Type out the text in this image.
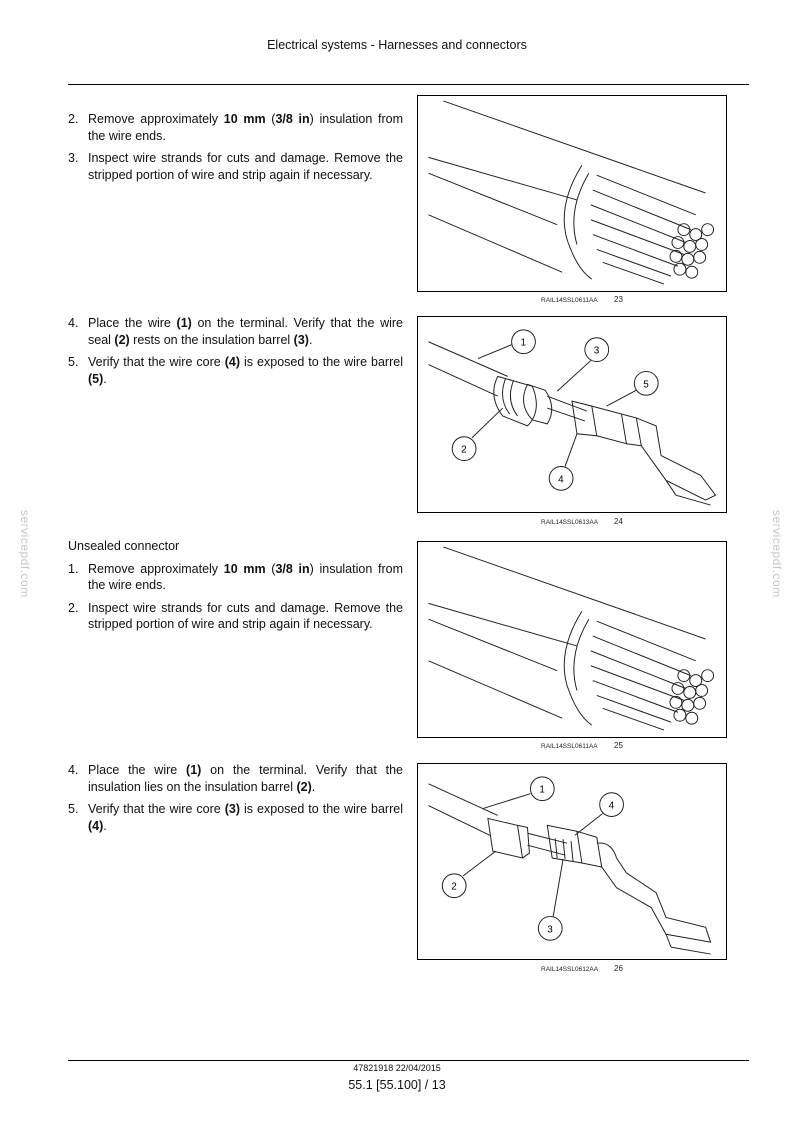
Electrical systems - Harnesses and connectors
2. Remove approximately 10 mm (3/8 in) insulation from the wire ends.
3. Inspect wire strands for cuts and damage. Remove the stripped portion of wire and strip again if necessary.
4. Place the wire (1) on the terminal. Verify that the wire seal (2) rests on the insulation barrel (3).
5. Verify that the wire core (4) is exposed to the wire barrel (5).
Unsealed connector
1. Remove approximately 10 mm (3/8 in) insulation from the wire ends.
2. Inspect wire strands for cuts and damage. Remove the stripped portion of wire and strip again if necessary.
4. Place the wire (1) on the terminal. Verify that the insulation lies on the insulation barrel (2).
5. Verify that the wire core (3) is exposed to the wire barrel (4).
RAIL14SSL0611AA 23
1
3
5
2
4
RAIL14SSL0613AA 24
RAIL14SSL0611AA 25
1
4
2
3
RAIL14SSL0612AA 26
servicepdf.com	servicepdf.com
47821918 22/04/2015
55.1 [55.100] / 13
